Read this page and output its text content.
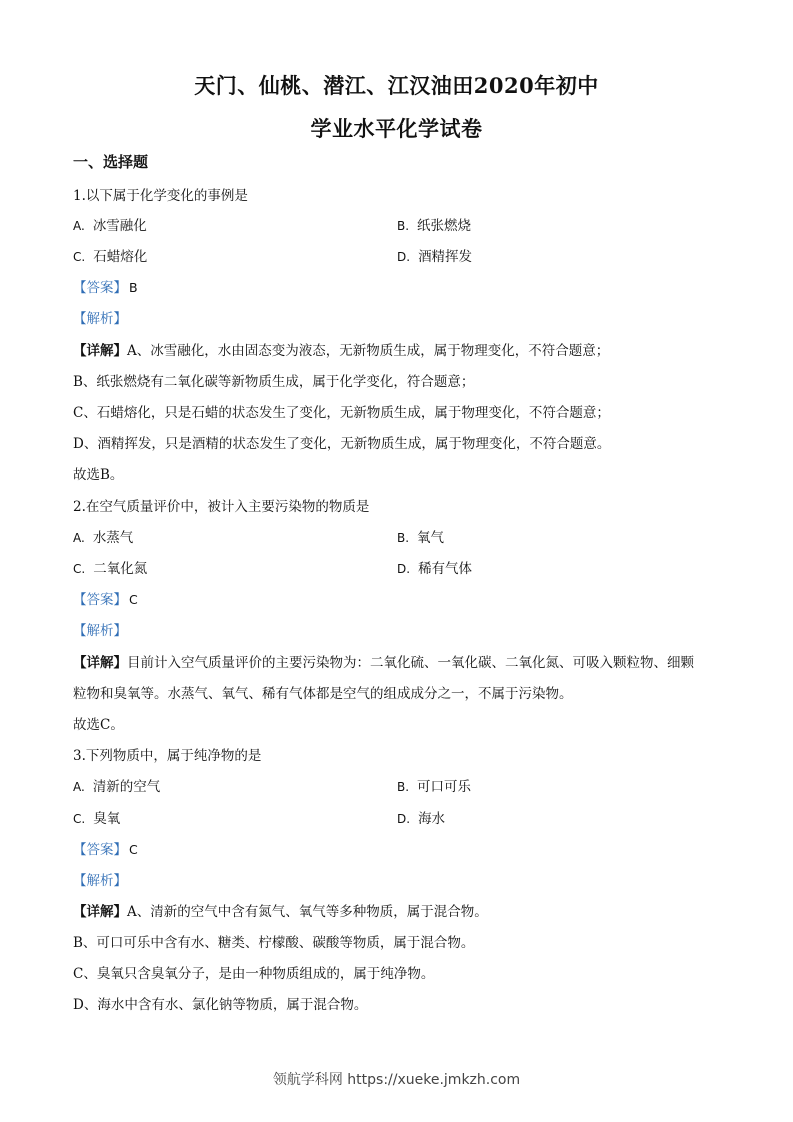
天门、仙桃、潜江、江汉油田2020年初中
学业水平化学试卷
一、选择题
1.以下属于化学变化的事例是
A. 冰雪融化	B. 纸张燃烧
C. 石蜡熔化	D. 酒精挥发
【答案】 B
【解析】
【详解】A、冰雪融化，水由固态变为液态，无新物质生成，属于物理变化，不符合题意；
B、纸张燃烧有二氧化碳等新物质生成，属于化学变化，符合题意；
C、石蜡熔化，只是石蜡的状态发生了变化，无新物质生成，属于物理变化，不符合题意；
D、酒精挥发，只是酒精的状态发生了变化，无新物质生成，属于物理变化，不符合题意。
故选B。
2.在空气质量评价中，被计入主要污染物的物质是
A. 水蒸气	B. 氧气
C. 二氧化氮	D. 稀有气体
【答案】 C
【解析】
【详解】目前计入空气质量评价的主要污染物为：二氧化硫、一氧化碳、二氧化氮、可吸入颗粒物、细颗
粒物和臭氧等。水蒸气、氧气、稀有气体都是空气的组成成分之一，不属于污染物。
故选C。
3.下列物质中，属于纯净物的是
A. 清新的空气	B. 可口可乐
C. 臭氧	D. 海水
【答案】 C
【解析】
【详解】A、清新的空气中含有氮气、氧气等多种物质，属于混合物。
B、可口可乐中含有水、糖类、柠檬酸、碳酸等物质，属于混合物。
C、臭氧只含臭氧分子，是由一种物质组成的，属于纯净物。
D、海水中含有水、氯化钠等物质，属于混合物。
领航学科网 https://xueke.jmkzh.com
